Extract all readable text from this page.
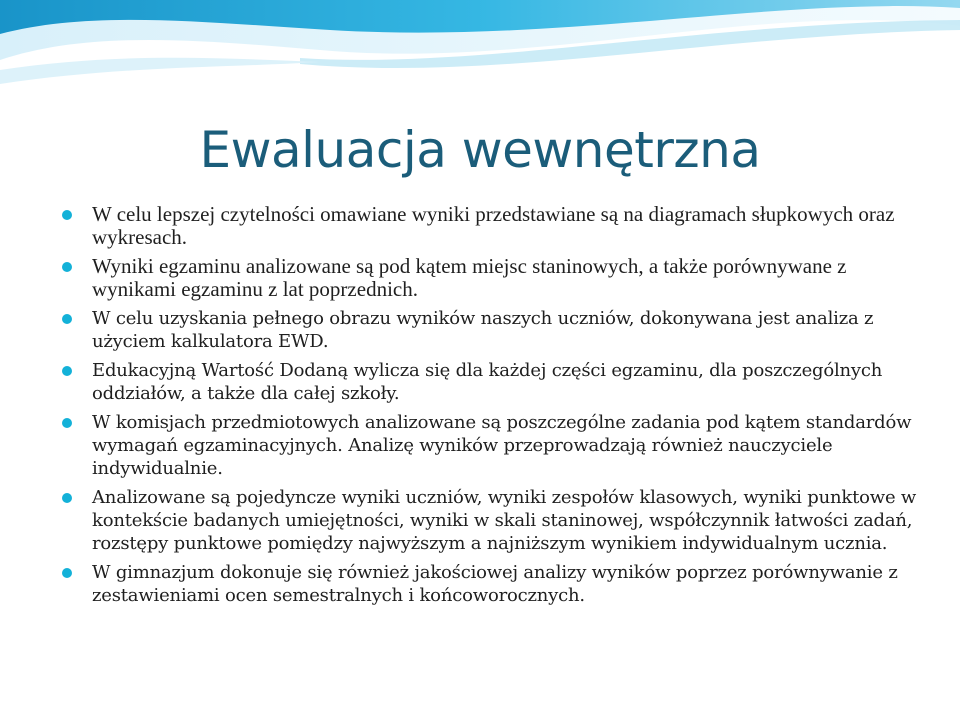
Ewaluacja wewnętrzna
W celu lepszej czytelności omawiane wyniki przedstawiane są na diagramach słupkowych oraz wykresach.
Wyniki egzaminu analizowane są pod kątem miejsc staninowych, a także porównywane z wynikami egzaminu z lat poprzednich.
W celu uzyskania pełnego obrazu wyników naszych uczniów, dokonywana jest analiza z użyciem kalkulatora EWD.
Edukacyjną Wartość Dodaną wylicza się dla każdej części egzaminu, dla poszczególnych oddziałów, a także dla całej szkoły.
W komisjach przedmiotowych analizowane są poszczególne zadania pod kątem standardów wymagań egzaminacyjnych. Analizę wyników przeprowadzają również nauczyciele indywidualnie.
Analizowane są pojedyncze wyniki uczniów, wyniki zespołów klasowych, wyniki punktowe w kontekście badanych umiejętności, wyniki w skali staninowej, współczynnik łatwości zadań, rozstępy punktowe pomiędzy najwyższym a najniższym wynikiem indywidualnym ucznia.
W gimnazjum dokonuje się również jakościowej analizy wyników poprzez porównywanie z zestawieniami ocen semestralnych i końcoworocznych.
